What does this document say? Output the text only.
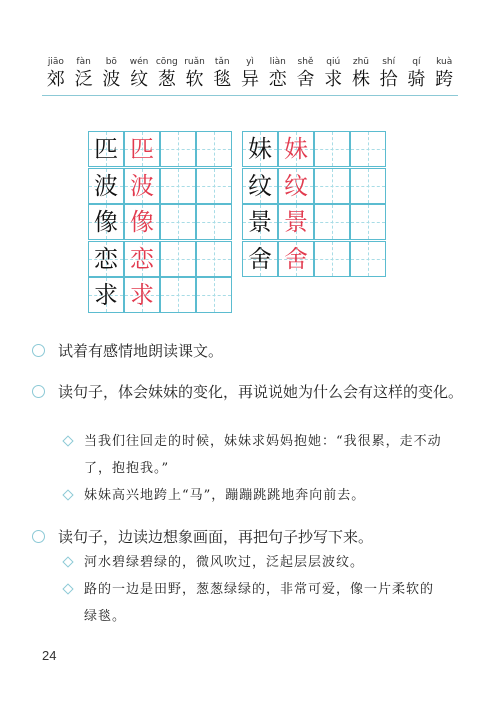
jiāo
郊
fàn
泛
bō
波
wén
纹
cōng
葱
ruǎn
软
tǎn
毯
yì
异
liàn
恋
shě
舍
qiú
求
zhū
株
shí
拾
qí
骑
kuà
跨
匹 匹
波 波
像 像
恋 恋
求 求
妹 妹
纹 纹
景 景
舍 舍
试着有感情地朗读课文。
读句子，体会妹妹的变化，再说说她为什么会有这样的变化。
当我们往回走的时候，妹妹求妈妈抱她：“我很累，走不动了，抱抱我。”
妹妹高兴地跨上“马”，蹦蹦跳跳地奔向前去。
读句子，边读边想象画面，再把句子抄写下来。
河水碧绿碧绿的，微风吹过，泛起层层波纹。
路的一边是田野，葱葱绿绿的，非常可爱，像一片柔软的绿毯。
24
